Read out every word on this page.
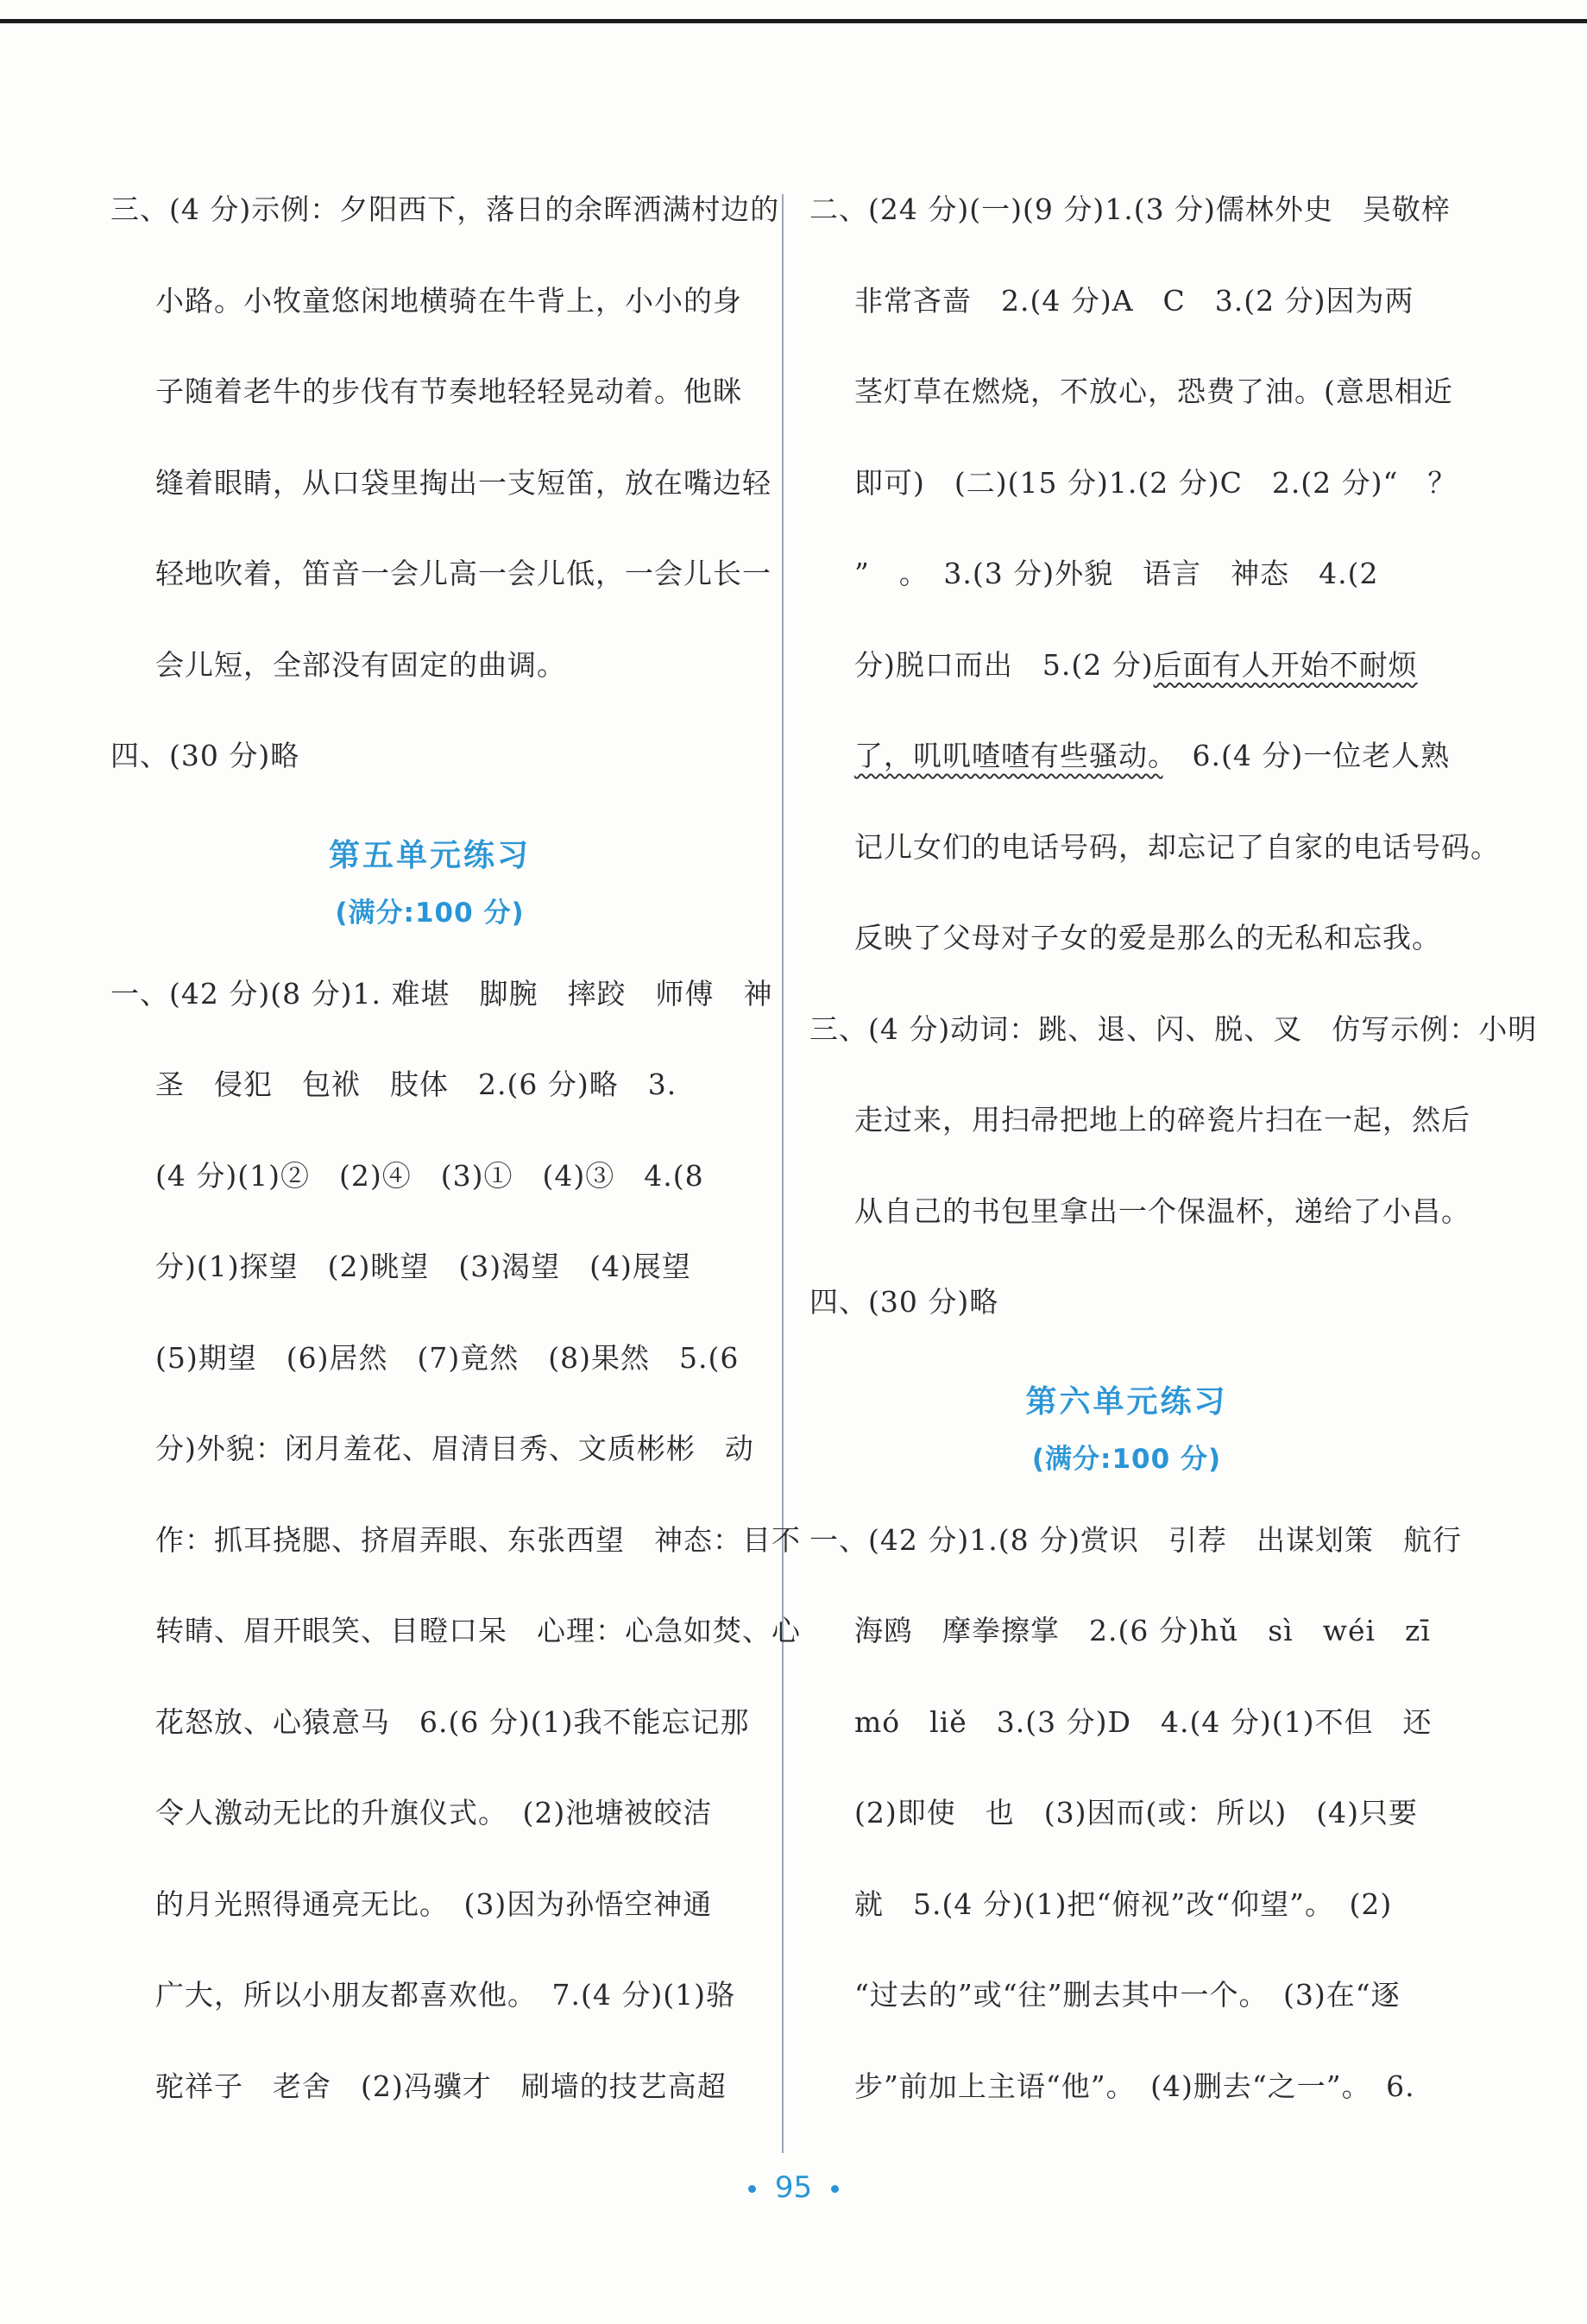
三、(4 分)示例：夕阳西下，落日的余晖洒满村边的
小路。小牧童悠闲地横骑在牛背上，小小的身
子随着老牛的步伐有节奏地轻轻晃动着。他眯
缝着眼睛，从口袋里掏出一支短笛，放在嘴边轻
轻地吹着，笛音一会儿高一会儿低，一会儿长一
会儿短，全部没有固定的曲调。
四、(30 分)略
第五单元练习
(满分:100 分)
一、(42 分)(8 分)1. 难堪　脚腕　摔跤　师傅　神
圣　侵犯　包袱　肢体　2.(6 分)略　3.
(4 分)(1)②　(2)④　(3)①　(4)③　4.(8
分)(1)探望　(2)眺望　(3)渴望　(4)展望
(5)期望　(6)居然　(7)竟然　(8)果然　5.(6
分)外貌：闭月羞花、眉清目秀、文质彬彬　动
作：抓耳挠腮、挤眉弄眼、东张西望　神态：目不
转睛、眉开眼笑、目瞪口呆　心理：心急如焚、心
花怒放、心猿意马　6.(6 分)(1)我不能忘记那
令人激动无比的升旗仪式。　(2)池塘被皎洁
的月光照得通亮无比。　(3)因为孙悟空神通
广大，所以小朋友都喜欢他。　7.(4 分)(1)骆
驼祥子　老舍　(2)冯骥才　刷墙的技艺高超
二、(24 分)(一)(9 分)1.(3 分)儒林外史　吴敬梓
非常吝啬　2.(4 分)A　C　3.(2 分)因为两
茎灯草在燃烧，不放心，恐费了油。(意思相近
即可)　(二)(15 分)1.(2 分)C　2.(2 分)“　？
”　。　3.(3 分)外貌　语言　神态　4.(2
分)脱口而出　5.(2 分)后面有人开始不耐烦
了，叽叽喳喳有些骚动。　6.(4 分)一位老人熟
记儿女们的电话号码，却忘记了自家的电话号码。
反映了父母对子女的爱是那么的无私和忘我。
三、(4 分)动词：跳、退、闪、脱、叉　仿写示例：小明
走过来，用扫帚把地上的碎瓷片扫在一起，然后
从自己的书包里拿出一个保温杯，递给了小昌。
四、(30 分)略
第六单元练习
(满分:100 分)
一、(42 分)1.(8 分)赏识　引荐　出谋划策　航行
海鸥　摩拳擦掌　2.(6 分)hǔ　sì　wéi　zī
mó　liě　3.(3 分)D　4.(4 分)(1)不但　还
(2)即使　也　(3)因而(或：所以)　(4)只要
就　5.(4 分)(1)把“俯视”改“仰望”。　(2)
“过去的”或“往”删去其中一个。　(3)在“逐
步”前加上主语“他”。　(4)删去“之一”。　6.
95
